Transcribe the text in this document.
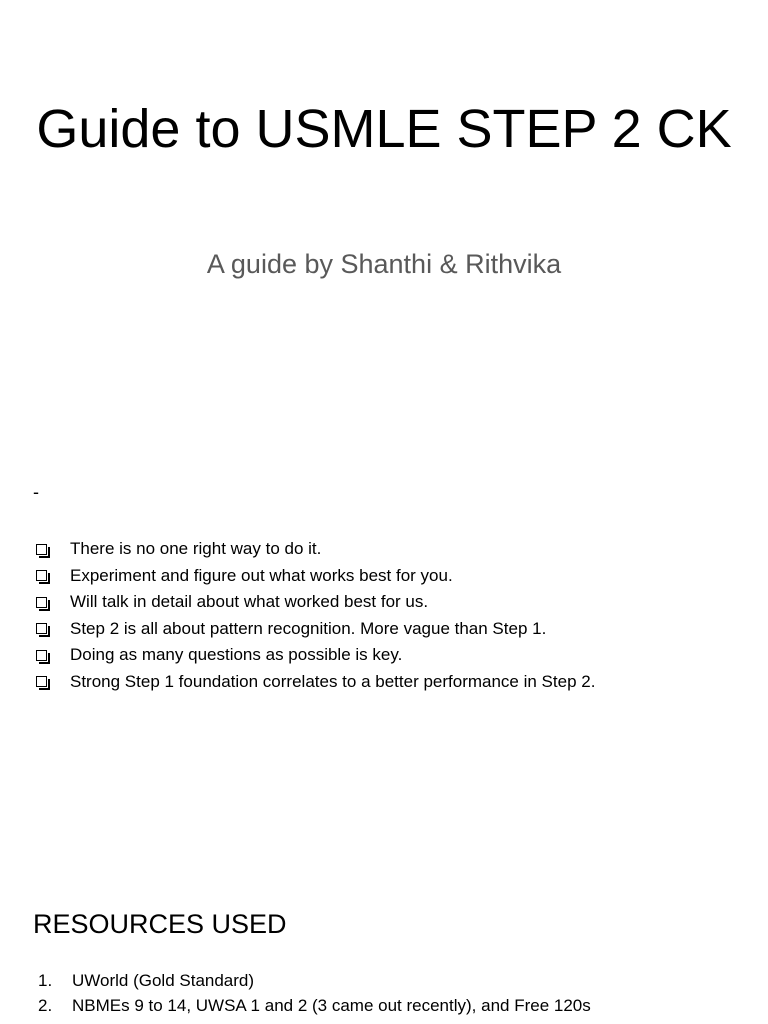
Guide to USMLE STEP 2 CK

A guide by Shanthi & Rithvika

-
There is no one right way to do it.
Experiment and figure out what works best for you.
Will talk in detail about what worked best for us.
Step 2 is all about pattern recognition. More vague than Step 1.
Doing as many questions as possible is key.
Strong Step 1 foundation correlates to a better performance in Step 2.
RESOURCES USED
1.	UWorld (Gold Standard)
2.	NBMEs 9 to 14, UWSA 1 and 2 (3 came out recently), and Free 120s
